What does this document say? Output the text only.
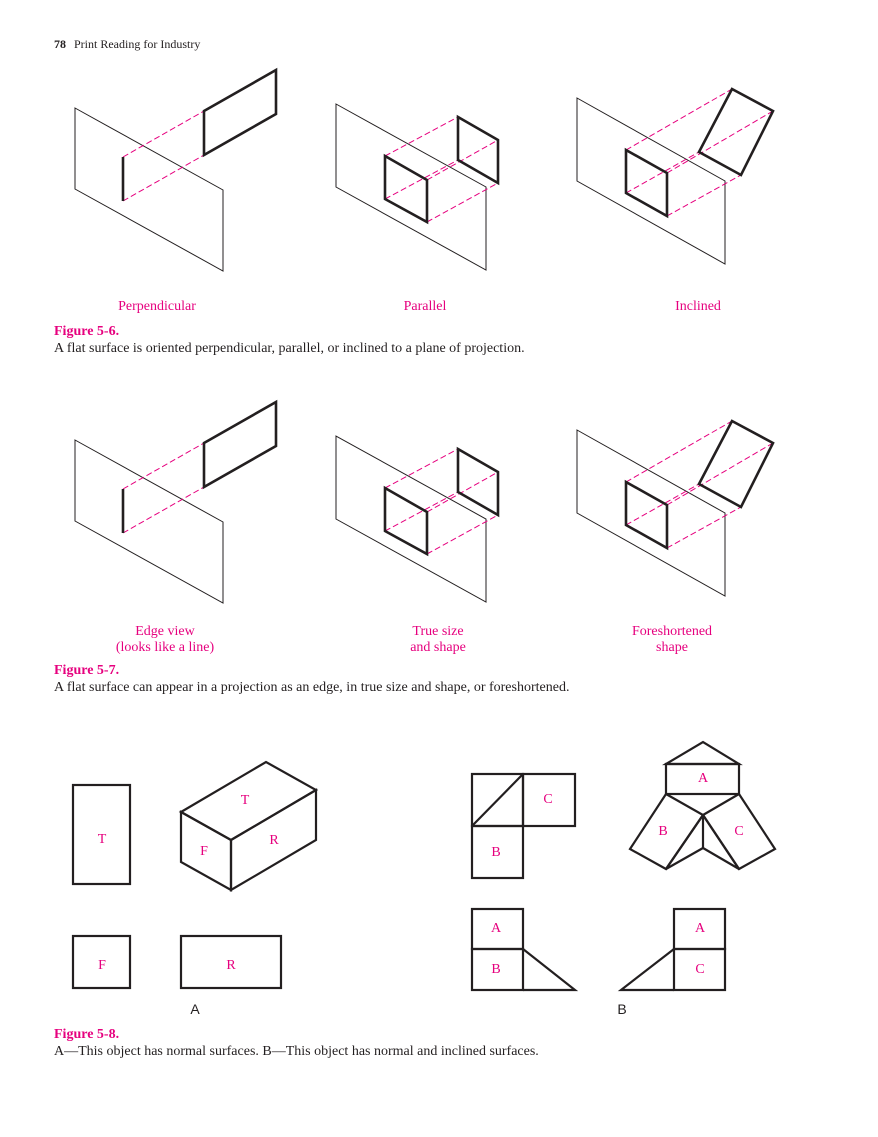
78 Print Reading for Industry
Perpendicular	Parallel	Inclined
Figure 5-6.
A flat surface is oriented perpendicular, parallel, or inclined to a plane of projection.
Edge view
(looks like a line)
True size
and shape
Foreshortened
shape
Figure 5-7.
A flat surface can appear in a projection as an edge, in true size and shape, or foreshortened.
T
F	R
T
F
R
C
B
A
B
A
C
A
B	C
A	B
Figure 5-8.
A—This object has normal surfaces. B—This object has normal and inclined surfaces.
